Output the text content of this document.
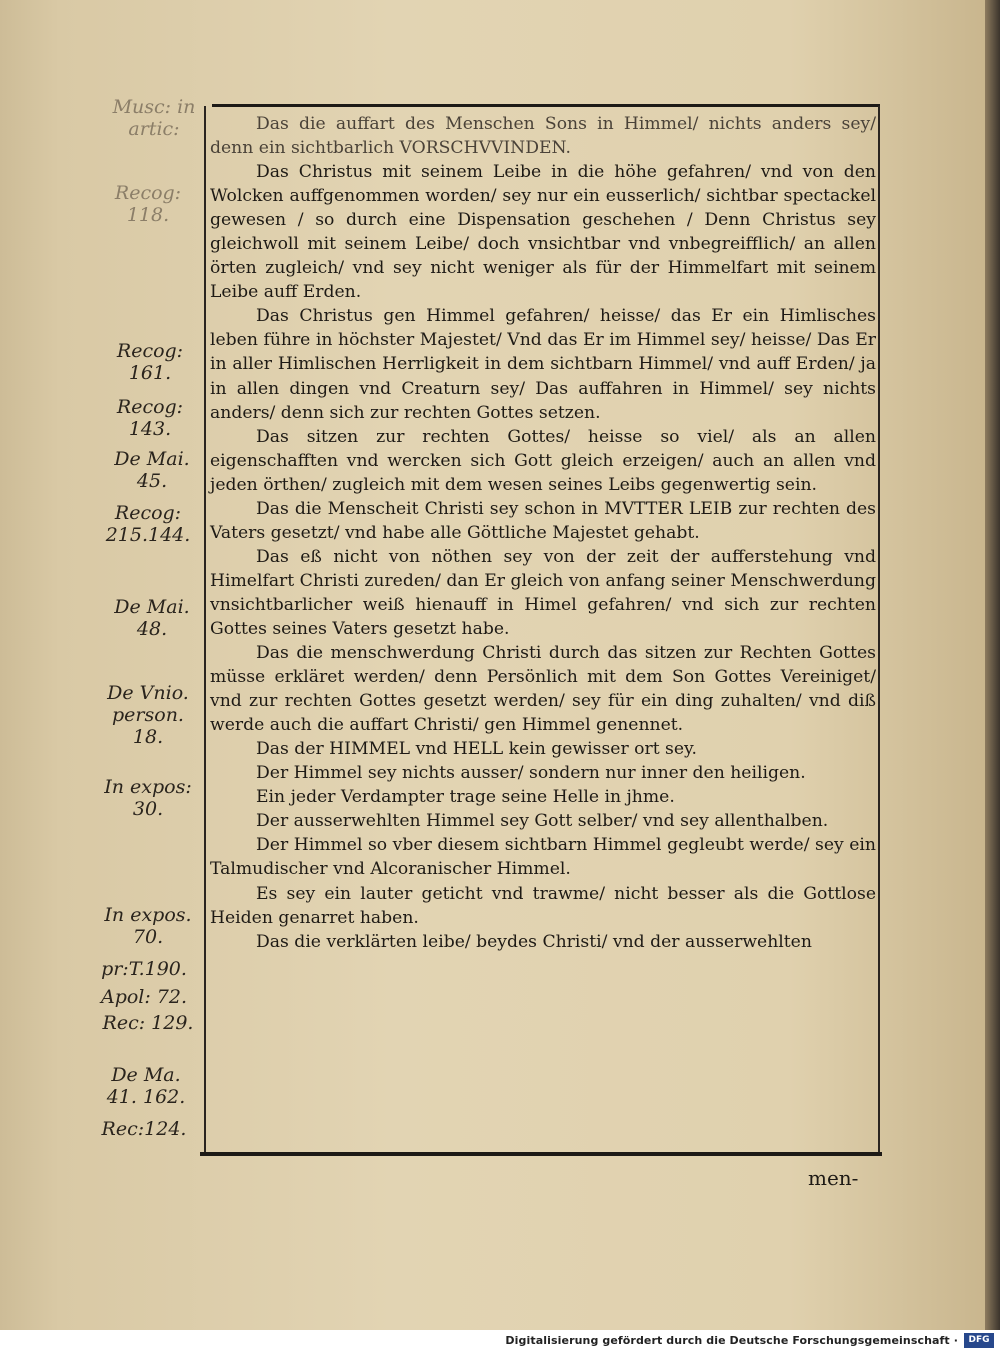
Musc: in
artic:
Recog:
118.
Recog:
161.
Recog:
143.
De Mai.
45.
Recog:
215.144.
De Mai.
48.
De Vnio.
person. 18.
In expos:
30.
In expos.
70.
pr:T.190.
Apol: 72.
Rec: 129.
De Ma.
41. 162.
Rec:124.

Das die auffart des Menschen Sons in Himmel/ nichts anders sey/ denn ein sichtbarlich VORSCHVVINDEN.

Das Christus mit seinem Leibe in die höhe gefahren/ vnd von den Wolcken auffgenommen worden/ sey nur ein eusserlich/ sichtbar spectackel gewesen / so durch eine Dispensation geschehen / Denn Christus sey gleichwoll mit seinem Leibe/ doch vnsichtbar vnd vnbegreifflich/ an allen örten zugleich/ vnd sey nicht weniger als für der Himmelfart mit seinem Leibe auff Erden.

Das Christus gen Himmel gefahren/ heisse/ das Er ein Himlisches leben führe in höchster Majestet/ Vnd das Er im Himmel sey/ heisse/ Das Er in aller Himlischen Herrligkeit in dem sichtbarn Himmel/ vnd auff Erden/ ja in allen dingen vnd Creaturn sey/ Das auffahren in Himmel/ sey nichts anders/ denn sich zur rechten Gottes setzen.

Das sitzen zur rechten Gottes/ heisse so viel/ als an allen eigenschafften vnd wercken sich Gott gleich erzeigen/ auch an allen vnd jeden örthen/ zugleich mit dem wesen seines Leibs gegenwertig sein.

Das die Menscheit Christi sey schon in MVTTER LEIB zur rechten des Vaters gesetzt/ vnd habe alle Göttliche Majestet gehabt.

Das eß nicht von nöthen sey von der zeit der aufferstehung vnd Himelfart Christi zureden/ dan Er gleich von anfang seiner Menschwerdung vnsichtbarlicher weiß hienauff in Himel gefahren/ vnd sich zur rechten Gottes seines Vaters gesetzt habe.

Das die menschwerdung Christi durch das sitzen zur Rechten Gottes müsse erkläret werden/ denn Persönlich mit dem Son Gottes Vereiniget/ vnd zur rechten Gottes gesetzt werden/ sey für ein ding zuhalten/ vnd diß werde auch die auffart Christi/ gen Himmel genennet.

Das der HIMMEL vnd HELL kein gewisser ort sey.

Der Himmel sey nichts ausser/ sondern nur inner den heiligen.

Ein jeder Verdampter trage seine Helle in jhme.

Der ausserwehlten Himmel sey Gott selber/ vnd sey allenthalben.

Der Himmel so vber diesem sichtbarn Himmel gegleubt werde/ sey ein Talmudischer vnd Alcoranischer Himmel.

Es sey ein lauter geticht vnd trawme/ nicht besser als die Gottlose Heiden genarret haben.

Das die verklärten leibe/ beydes Christi/ vnd der ausserwehlten

men-
Digitalisierung gefördert durch die Deutsche Forschungsgemeinschaft ·	DFG
